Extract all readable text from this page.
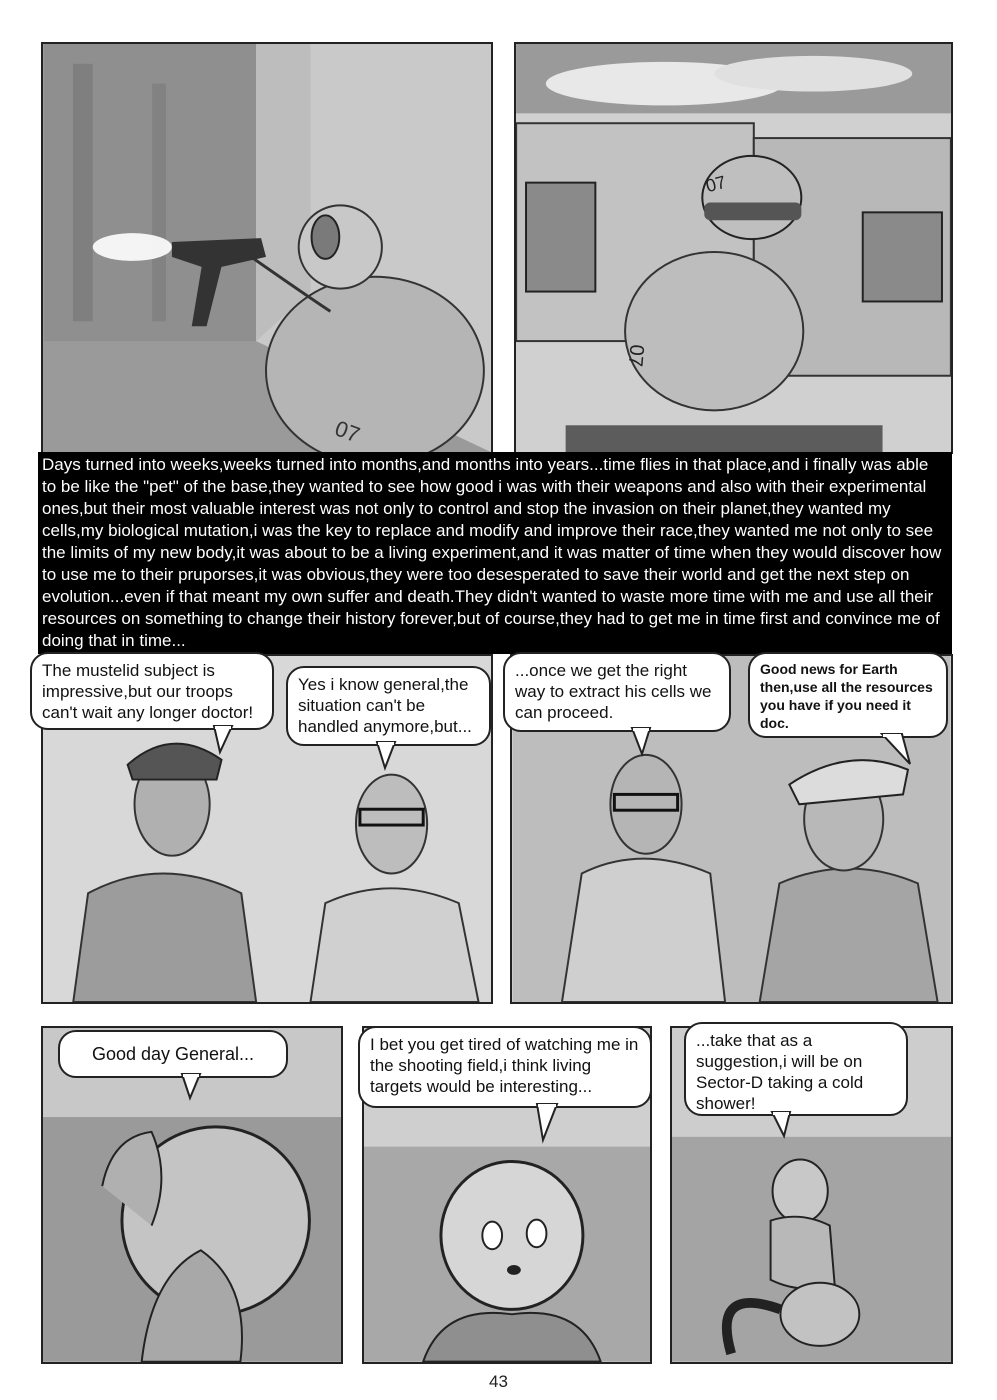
07
07
07
Days turned into weeks,weeks turned into months,and months into years...time flies in that place,and i finally was able to be like the "pet" of the base,they wanted to see how good i was with their weapons and also with their experimental ones,but their most valuable interest was not only to control and stop the invasion on their planet,they wanted my cells,my biological mutation,i was the key to replace and modify and improve their race,they wanted me not only to see the limits of my new body,it was about to be a living experiment,and it was matter of time when they would discover how to use me to their pruporses,it was obvious,they were too desesperated to save their world and get the next step on evolution...even if that meant my own suffer and death.They didn't wanted to waste more time with me and use all their resources on something to change their history forever,but of course,they had to get me in time first and convince me of doing that in time...
The mustelid subject is impressive,but our troops can't wait any longer doctor!
Yes i know general,the situation can't be handled anymore,but...
...once we get the right way to extract his cells we can proceed.
Good news for Earth then,use all the resources you have if you need it doc.
Good day General...	I bet you get tired of watching me in the shooting field,i think living targets would be interesting...
...take that as a suggestion,i will be on Sector-D taking a cold shower!
43
